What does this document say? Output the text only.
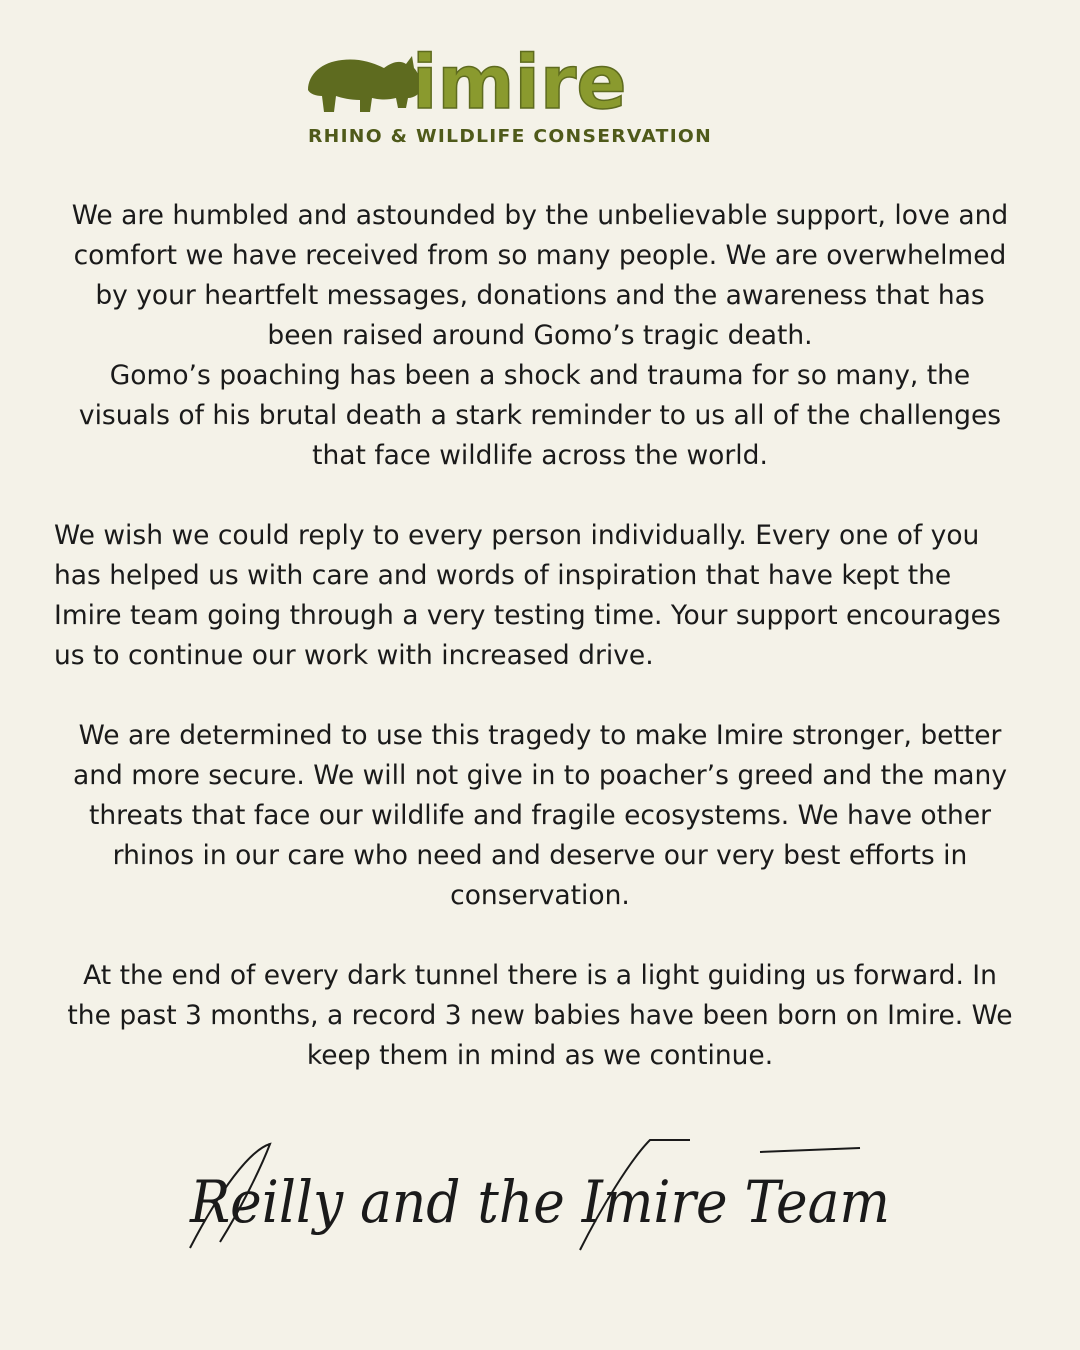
imire
RHINO & WILDLIFE CONSERVATION

We are humbled and astounded by the unbelievable support, love and

comfort we have received from so many people. We are overwhelmed

by your heartfelt messages, donations and the awareness that has

been raised around Gomo’s tragic death.

Gomo’s poaching has been a shock and trauma for so many, the

visuals of his brutal death a stark reminder to us all of the challenges

that face wildlife across the world.

We wish we could reply to every person individually. Every one of you

has helped us with care and words of inspiration that have kept the

Imire team going through a very testing time. Your support encourages

us to continue our work with increased drive.

We are determined to use this tragedy to make Imire stronger, better

and more secure. We will not give in to poacher’s greed and the many

threats that face our wildlife and fragile ecosystems. We have other

rhinos in our care who need and deserve our very best efforts in

conservation.

At the end of every dark tunnel there is a light guiding us forward. In

the past 3 months, a record 3 new babies have been born on Imire. We

keep them in mind as we continue.

Reilly and the Imire Team
